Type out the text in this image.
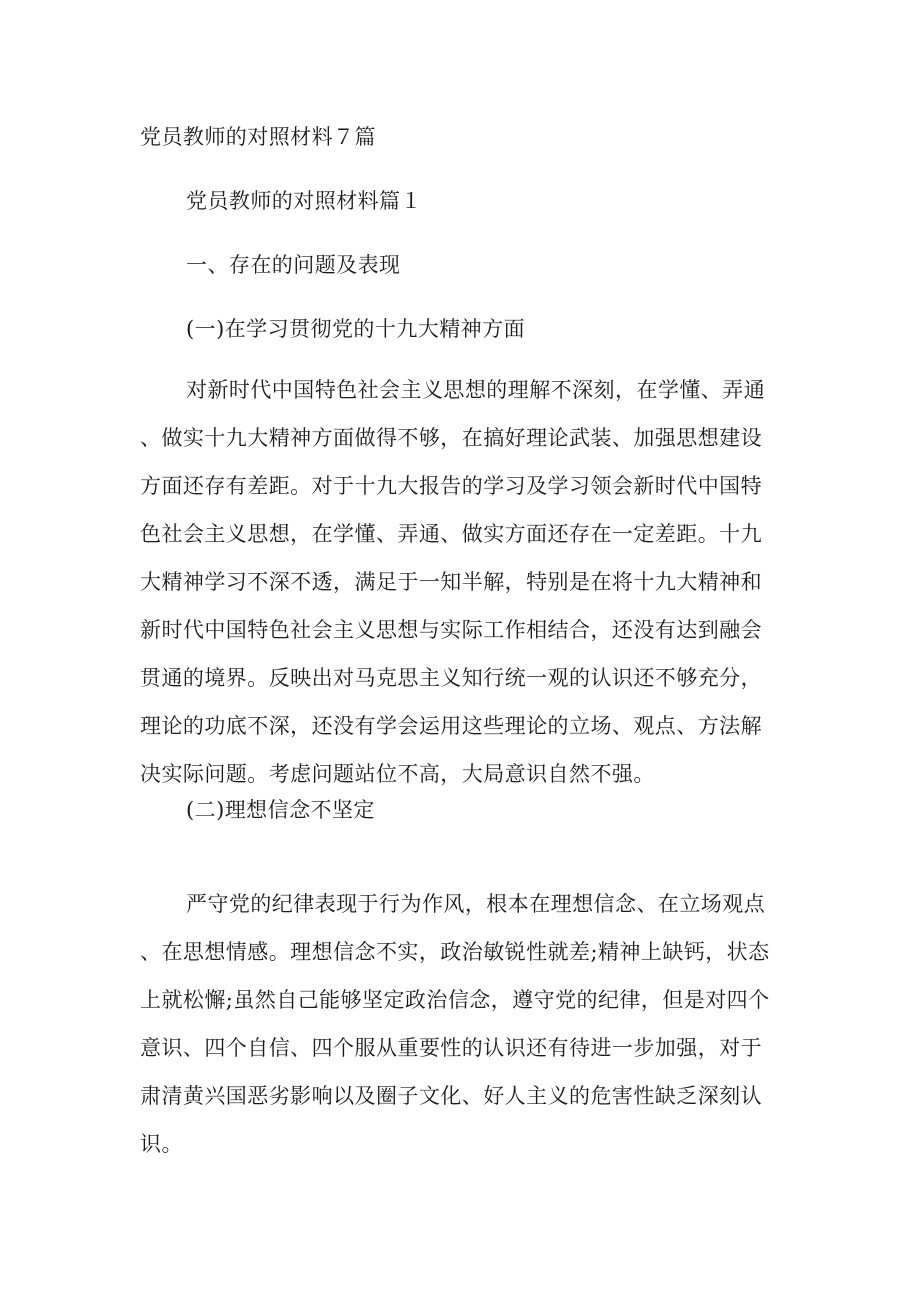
党员教师的对照材料７篇
党员教师的对照材料篇１
一、存在的问题及表现
(一)在学习贯彻党的十九大精神方面
对新时代中国特色社会主义思想的理解不深刻，在学懂、弄通
、做实十九大精神方面做得不够，在搞好理论武装、加强思想建设
方面还存有差距。对于十九大报告的学习及学习领会新时代中国特
色社会主义思想，在学懂、弄通、做实方面还存在一定差距。十九
大精神学习不深不透，满足于一知半解，特别是在将十九大精神和
新时代中国特色社会主义思想与实际工作相结合，还没有达到融会
贯通的境界。反映出对马克思主义知行统一观的认识还不够充分，
理论的功底不深，还没有学会运用这些理论的立场、观点、方法解
决实际问题。考虑问题站位不高，大局意识自然不强。
(二)理想信念不坚定
严守党的纪律表现于行为作风，根本在理想信念、在立场观点
、在思想情感。理想信念不实，政治敏锐性就差;精神上缺钙，状态
上就松懈;虽然自己能够坚定政治信念，遵守党的纪律，但是对四个
意识、四个自信、四个服从重要性的认识还有待进一步加强，对于
肃清黄兴国恶劣影响以及圈子文化、好人主义的危害性缺乏深刻认
识。
